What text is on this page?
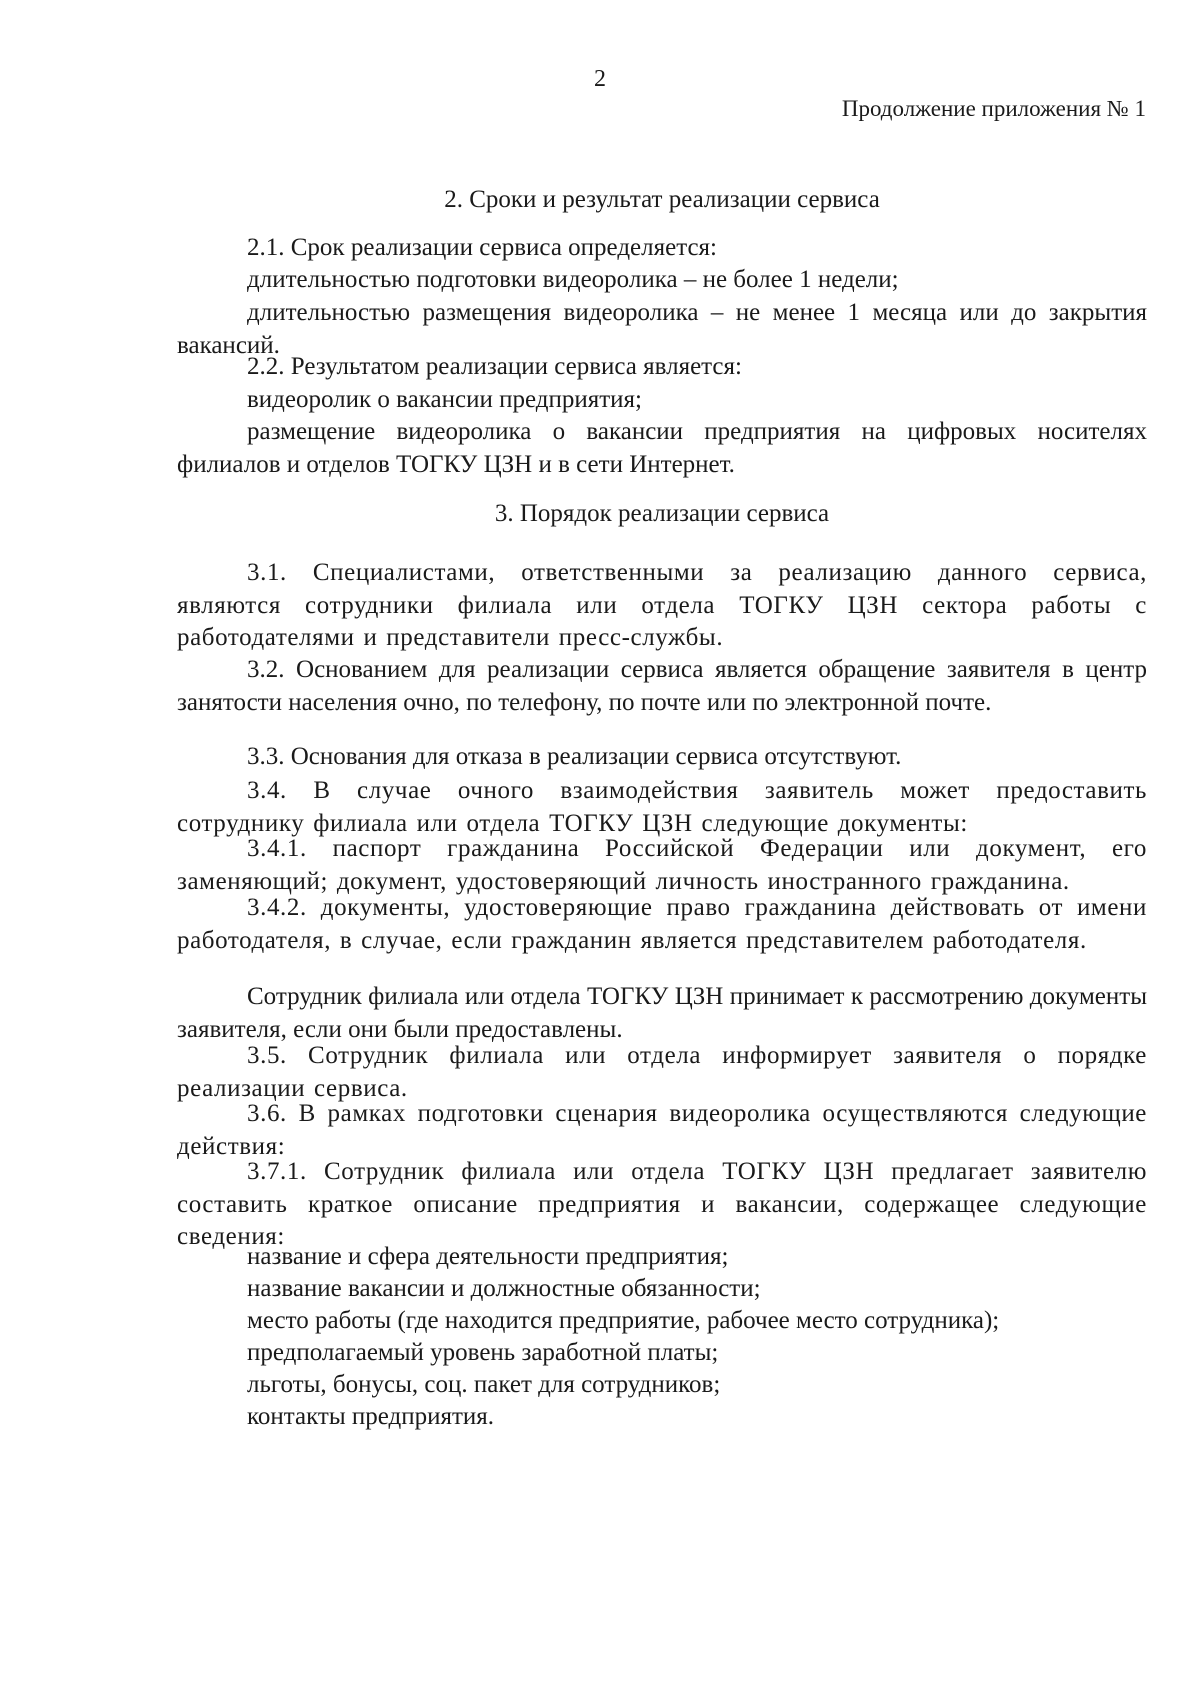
2
Продолжение приложения № 1
2. Сроки и результат реализации сервиса
2.1. Срок реализации сервиса определяется:
длительностью подготовки видеоролика – не более 1 недели;
длительностью размещения видеоролика – не менее 1 месяца или до закрытия вакансий.
2.2. Результатом реализации сервиса является:
видеоролик о вакансии предприятия;
размещение видеоролика о вакансии предприятия на цифровых носителях филиалов и отделов ТОГКУ ЦЗН и в сети Интернет.
3. Порядок реализации сервиса
3.1. Специалистами, ответственными за реализацию данного сервиса, являются сотрудники филиала или отдела ТОГКУ ЦЗН сектора работы с работодателями и представители пресс-службы.
3.2. Основанием для реализации сервиса является обращение заявителя в центр занятости населения очно, по телефону, по почте или по электронной почте.
3.3. Основания для отказа в реализации сервиса отсутствуют.
3.4. В случае очного взаимодействия заявитель может предоставить сотруднику филиала или отдела ТОГКУ ЦЗН следующие документы:
3.4.1. паспорт гражданина Российской Федерации или документ, его заменяющий; документ, удостоверяющий личность иностранного гражданина.
3.4.2. документы, удостоверяющие право гражданина действовать от имени работодателя, в случае, если гражданин является представителем работодателя.
Сотрудник филиала или отдела ТОГКУ ЦЗН принимает к рассмотрению документы заявителя, если они были предоставлены.
3.5. Сотрудник филиала или отдела информирует заявителя о порядке реализации сервиса.
3.6. В рамках подготовки сценария видеоролика осуществляются следующие действия:
3.7.1. Сотрудник филиала или отдела ТОГКУ ЦЗН предлагает заявителю составить краткое описание предприятия и вакансии, содержащее следующие сведения:
название и сфера деятельности предприятия;
название вакансии и должностные обязанности;
место работы (где находится предприятие, рабочее место сотрудника);
предполагаемый уровень заработной платы;
льготы, бонусы, соц. пакет для сотрудников;
контакты предприятия.
